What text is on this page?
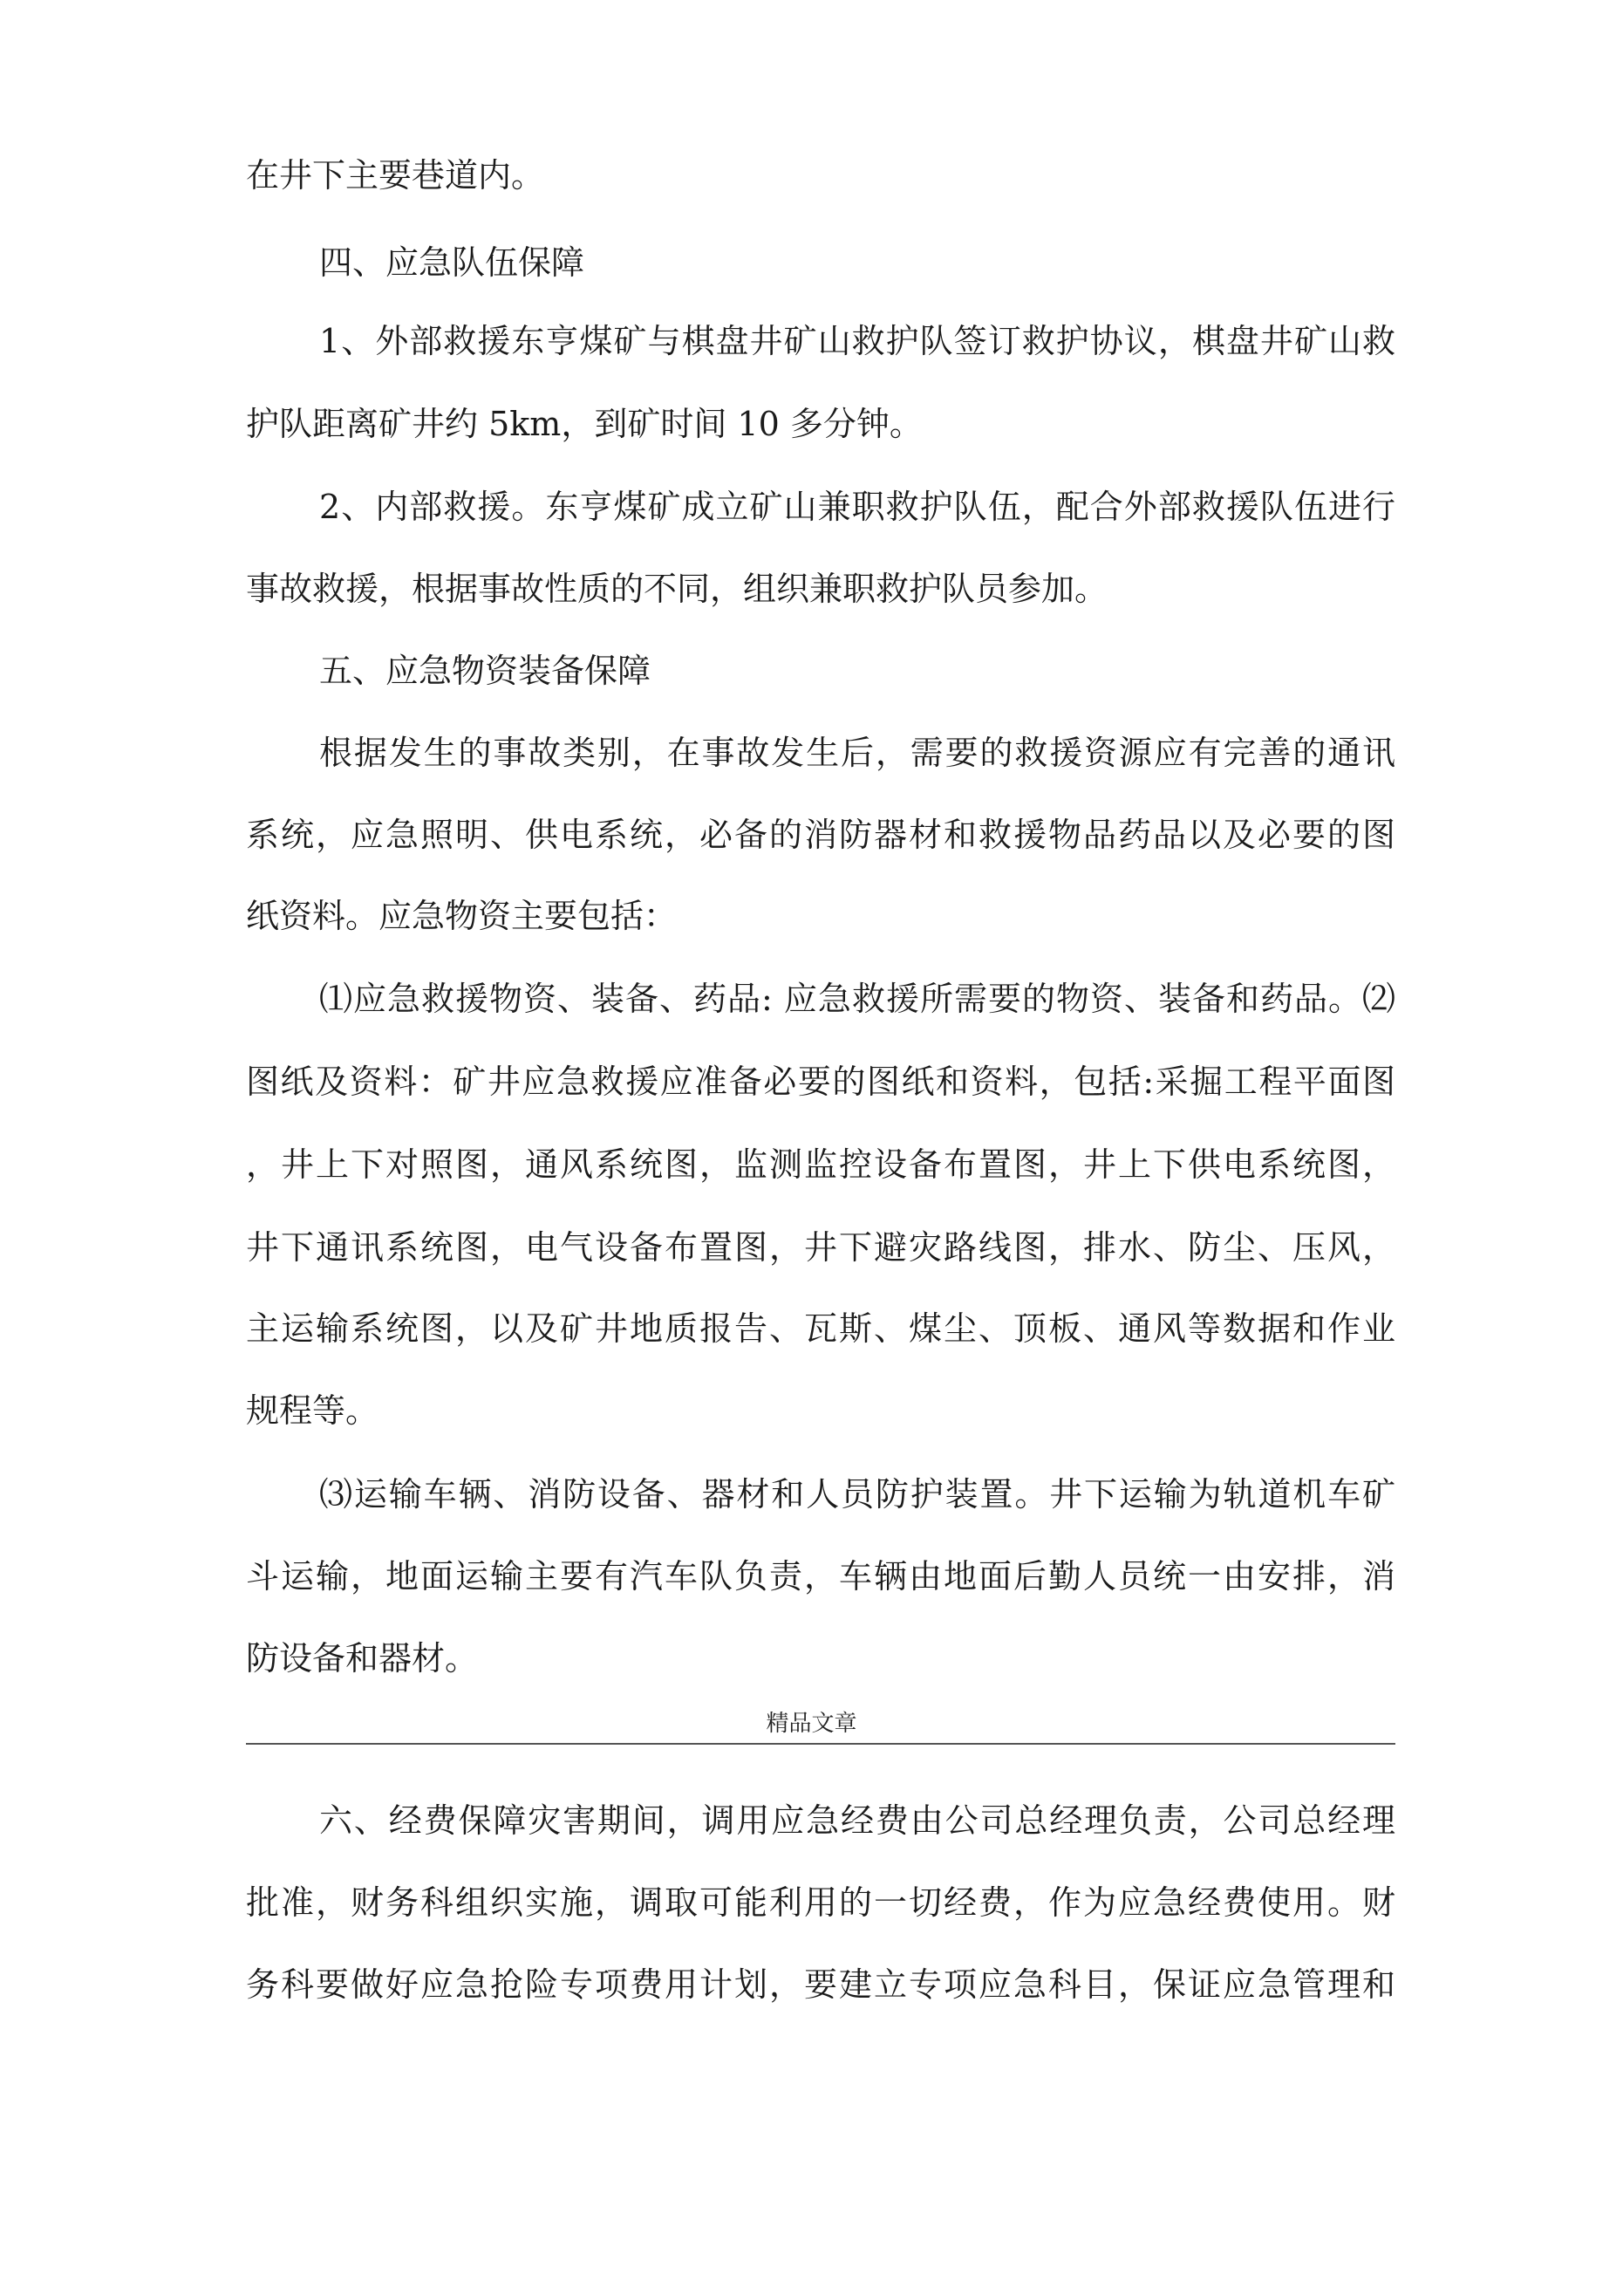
在井下主要巷道内。
四、应急队伍保障
1、外部救援东亨煤矿与棋盘井矿山救护队签订救护协议，棋盘井矿山救
护队距离矿井约 5km，到矿时间 10 多分钟。
2、内部救援。东亨煤矿成立矿山兼职救护队伍，配合外部救援队伍进行
事故救援，根据事故性质的不同，组织兼职救护队员参加。
五、应急物资装备保障
根据发生的事故类别，在事故发生后，需要的救援资源应有完善的通讯
系统，应急照明、供电系统，必备的消防器材和救援物品药品以及必要的图
纸资料。应急物资主要包括：
⑴应急救援物资、装备、药品: 应急救援所需要的物资、装备和药品。⑵
图纸及资料：矿井应急救援应准备必要的图纸和资料，包括:采掘工程平面图
，井上下对照图，通风系统图，监测监控设备布置图，井上下供电系统图，
井下通讯系统图，电气设备布置图，井下避灾路线图，排水、防尘、压风，
主运输系统图，以及矿井地质报告、瓦斯、煤尘、顶板、通风等数据和作业
规程等。
⑶运输车辆、消防设备、器材和人员防护装置。井下运输为轨道机车矿
斗运输，地面运输主要有汽车队负责，车辆由地面后勤人员统一由安排，消
防设备和器材。
精品文章
六、经费保障灾害期间，调用应急经费由公司总经理负责，公司总经理
批准，财务科组织实施，调取可能利用的一切经费，作为应急经费使用。财
务科要做好应急抢险专项费用计划，要建立专项应急科目，保证应急管理和
